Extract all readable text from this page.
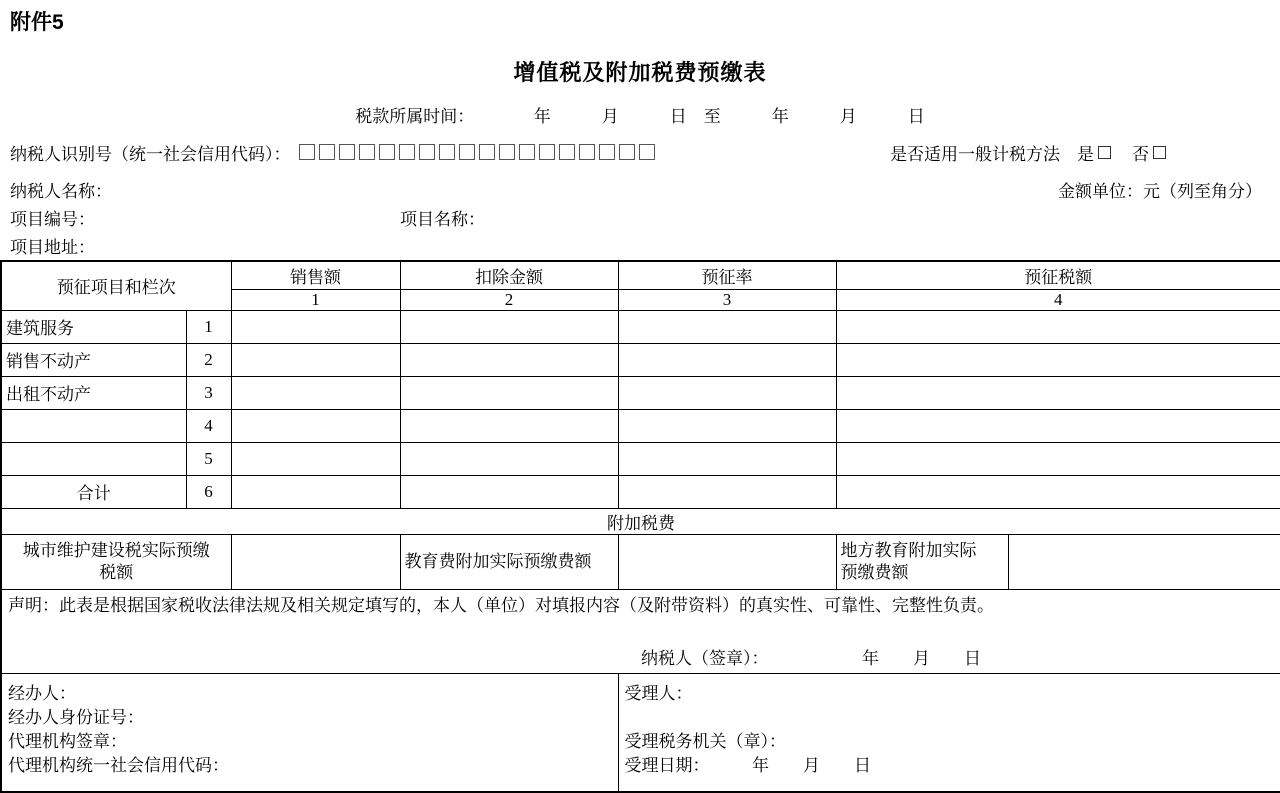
附件5
增值税及附加税费预缴表
税款所属时间：　　　　年　　　月　　　日　至　　　年　　　月　　　日
纳税人识别号（统一社会信用代码）：	是否适用一般计税方法
　 是
　 否
纳税人名称：	金额单位：元（列至角分）
项目编号：	项目名称：
项目地址：
预征项目和栏次		销售额	扣除金额	预征率	预征税额	
		1	2	3	4	
建筑服务	1					
销售不动产	2					
出租不动产	3					
	4					
	5					
合计	6					
附加税费						

城市维护建设税实际预缴税额			教育费附加实际预缴费额		地方教育附加实际预缴费额	

声明：此表是根据国家税收法律法规及相关规定填写的，本人（单位）对填报内容（及附带资料）的真实性、可靠性、完整性负责。
纳税人（签章）：　　　　　　年　　月　　日						

经办人：
经办人身份证号：
代理机构签章：
代理机构统一社会信用代码：

受理人：
受理税务机关（章）：
受理日期：　　　年　　月　　日
